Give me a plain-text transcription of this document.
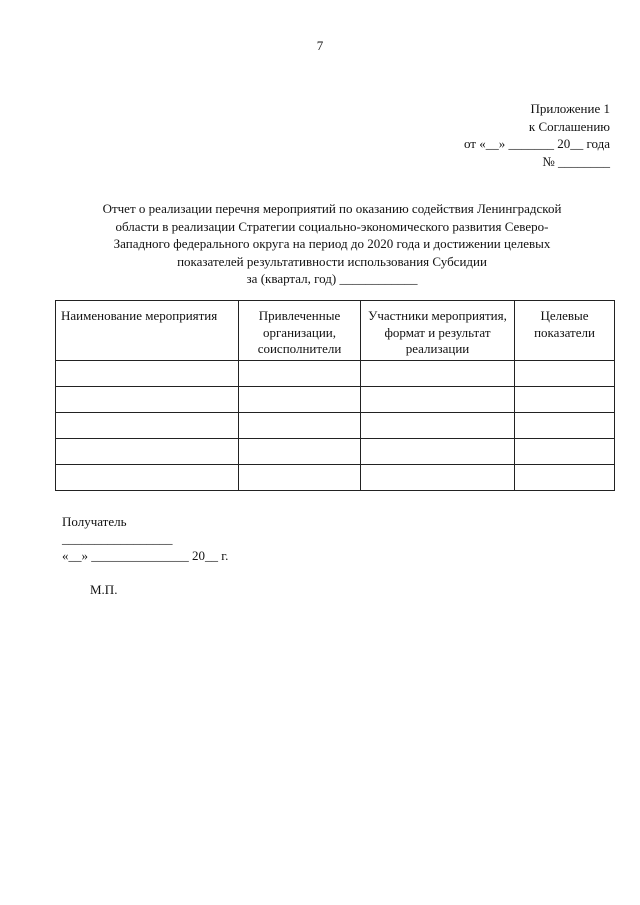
7
Приложение 1
к Соглашению
от «__» _______ 20__ года
№ ________
Отчет о реализации перечня мероприятий по оказанию содействия Ленинградской
области в реализации Стратегии социально-экономического развития Северо-
Западного федерального округа на период до 2020 года и достижении целевых
показателей результативности использования Субсидии
за (квартал, год) ____________
Наименование мероприятия	Привлеченные организации, соисполнители	Участники мероприятия, формат и результат реализации	Целевые показатели

Получатель
_________________
«__» _______________ 20__ г.
М.П.
